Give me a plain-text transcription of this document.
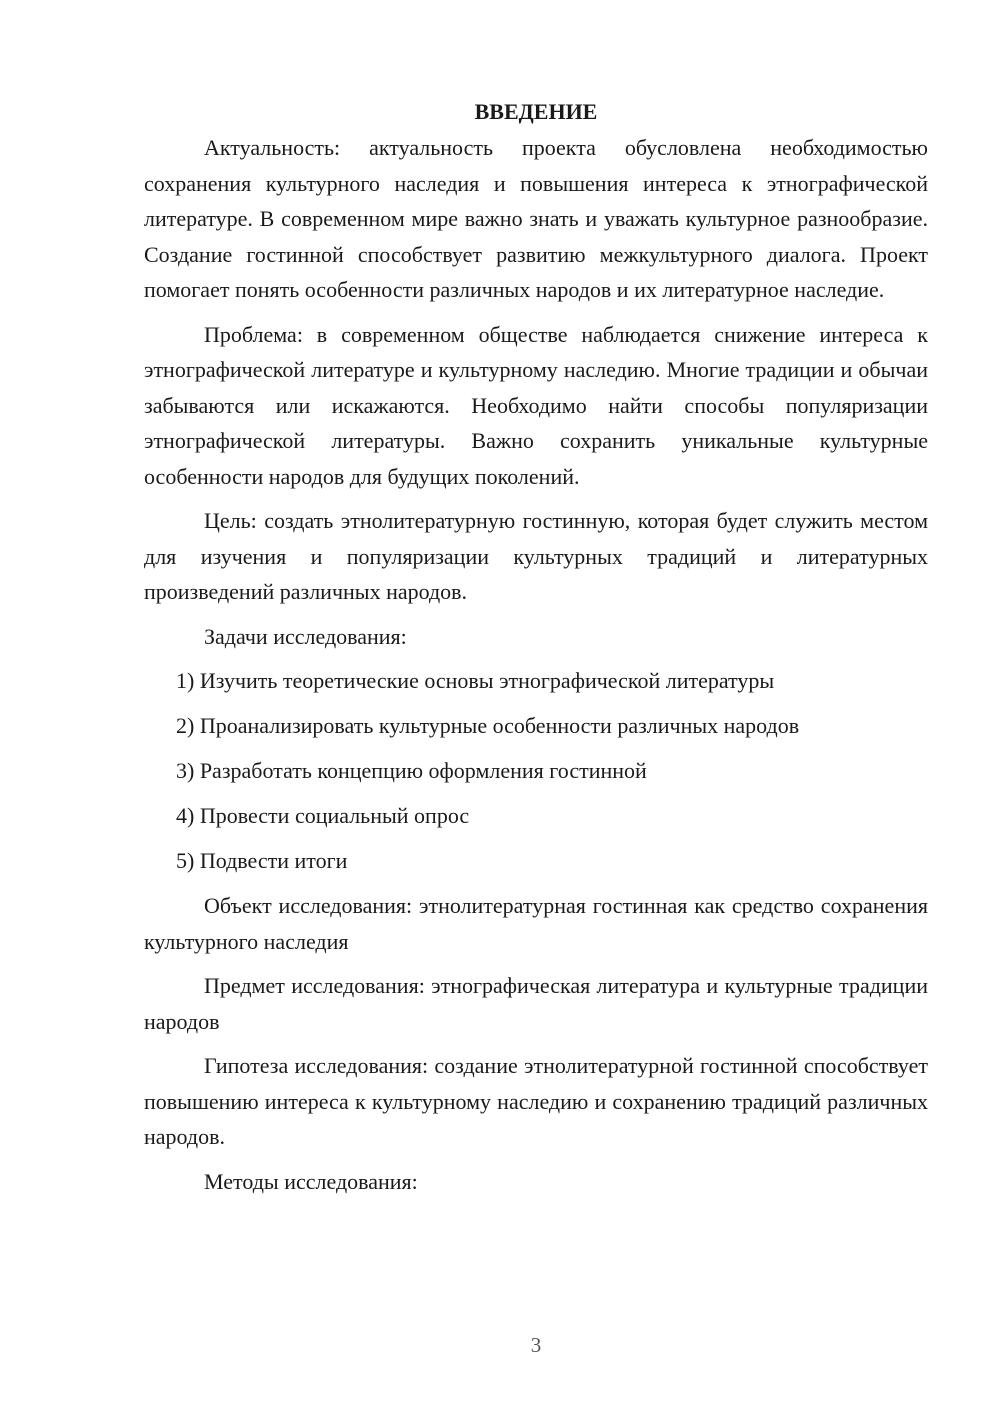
ВВЕДЕНИЕ

Актуальность: актуальность проекта обусловлена необходимостью сохранения культурного наследия и повышения интереса к этнографической литературе. В современном мире важно знать и уважать культурное разнообразие. Создание гостинной способствует развитию межкультурного диалога. Проект помогает понять особенности различных народов и их литературное наследие.

Проблема: в современном обществе наблюдается снижение интереса к этнографической литературе и культурному наследию. Многие традиции и обычаи забываются или искажаются. Необходимо найти способы популяризации этнографической литературы. Важно сохранить уникальные культурные особенности народов для будущих поколений.

Цель: создать этнолитературную гостинную, которая будет служить местом для изучения и популяризации культурных традиций и литературных произведений различных народов.

Задачи исследования:

1) Изучить теоретические основы этнографической литературы
2) Проанализировать культурные особенности различных народов
3) Разработать концепцию оформления гостинной
4) Провести социальный опрос
5) Подвести итоги

Объект исследования: этнолитературная гостинная как средство сохранения культурного наследия

Предмет исследования: этнографическая литература и культурные традиции народов

Гипотеза исследования: создание этнолитературной гостинной способствует повышению интереса к культурному наследию и сохранению традиций различных народов.

Методы исследования:

3
